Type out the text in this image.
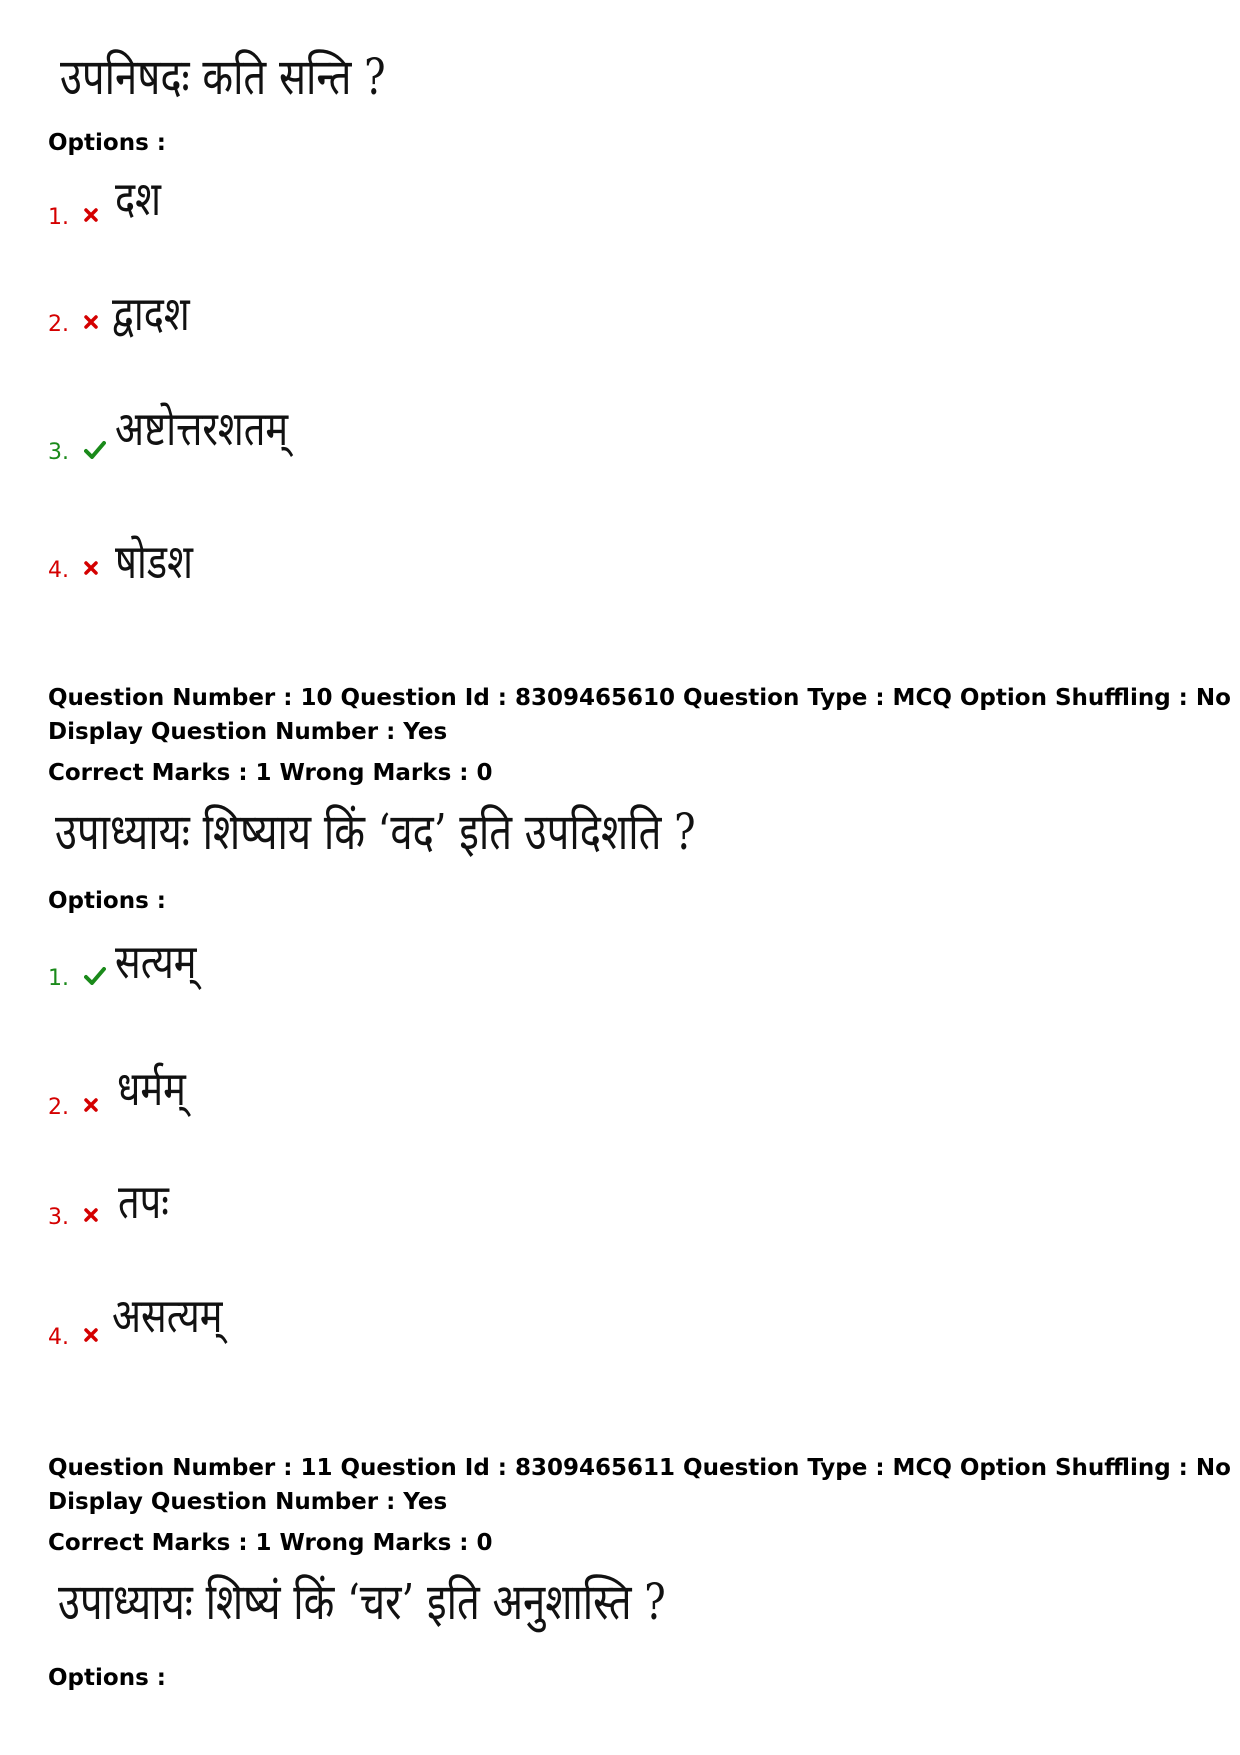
उपनिषदः कति सन्ति ?
Options :
1.	दश
2.	द्वादश
3.	अष्टोत्तरशतम्
4.	षोडश
Question Number : 10 Question Id : 8309465610 Question Type : MCQ Option Shuffling : No
Display Question Number : Yes
Correct Marks : 1 Wrong Marks : 0
उपाध्यायः शिष्याय किं ‘वद’ इति उपदिशति ?
Options :
1.	सत्यम्
2.	धर्मम्
3.	तपः
4.	असत्यम्
Question Number : 11 Question Id : 8309465611 Question Type : MCQ Option Shuffling : No
Display Question Number : Yes
Correct Marks : 1 Wrong Marks : 0
उपाध्यायः शिष्यं किं ‘चर’ इति अनुशास्ति ?
Options :
